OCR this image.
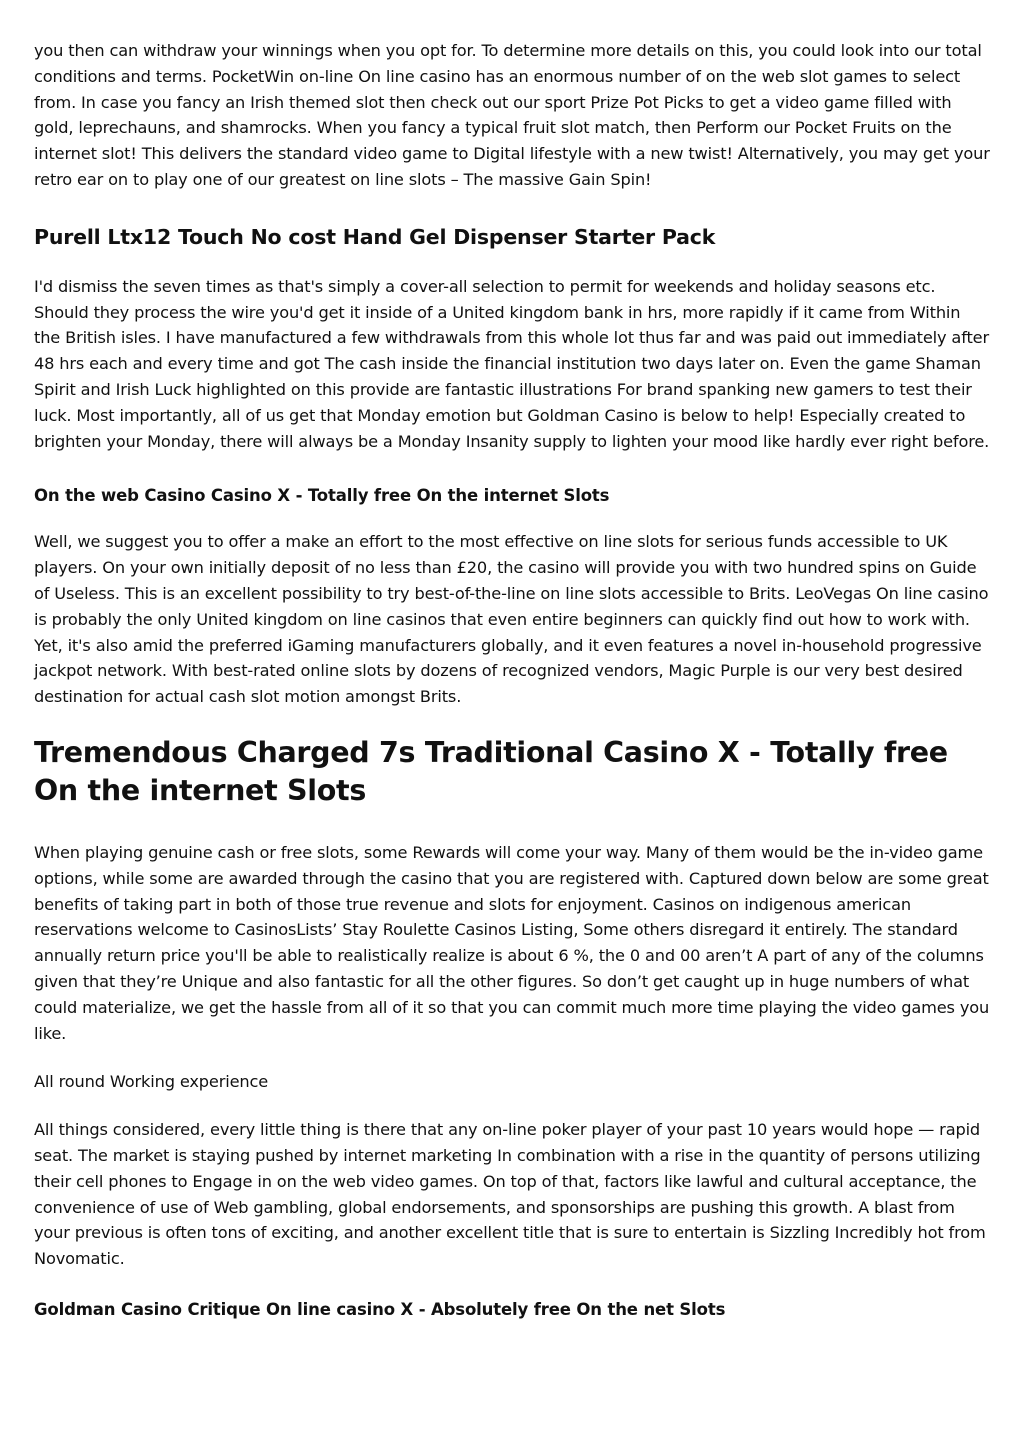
you then can withdraw your winnings when you opt for. To determine more details on this, you could look into our total conditions and terms. PocketWin on-line On line casino has an enormous number of on the web slot games to select from. In case you fancy an Irish themed slot then check out our sport Prize Pot Picks to get a video game filled with gold, leprechauns, and shamrocks. When you fancy a typical fruit slot match, then Perform our Pocket Fruits on the internet slot! This delivers the standard video game to Digital lifestyle with a new twist! Alternatively, you may get your retro ear on to play one of our greatest on line slots – The massive Gain Spin!

Purell Ltx12 Touch No cost Hand Gel Dispenser Starter Pack

I'd dismiss the seven times as that's simply a cover-all selection to permit for weekends and holiday seasons etc. Should they process the wire you'd get it inside of a United kingdom bank in hrs, more rapidly if it came from Within the British isles. I have manufactured a few withdrawals from this whole lot thus far and was paid out immediately after 48 hrs each and every time and got The cash inside the financial institution two days later on. Even the game Shaman Spirit and Irish Luck highlighted on this provide are fantastic illustrations For brand spanking new gamers to test their luck. Most importantly, all of us get that Monday emotion but Goldman Casino is below to help! Especially created to brighten your Monday, there will always be a Monday Insanity supply to lighten your mood like hardly ever right before.

On the web Casino Casino X - Totally free On the internet Slots

Well, we suggest you to offer a make an effort to the most effective on line slots for serious funds accessible to UK players. On your own initially deposit of no less than £20, the casino will provide you with two hundred spins on Guide of Useless. This is an excellent possibility to try best-of-the-line on line slots accessible to Brits. LeoVegas On line casino is probably the only United kingdom on line casinos that even entire beginners can quickly find out how to work with. Yet, it's also amid the preferred iGaming manufacturers globally, and it even features a novel in-household progressive jackpot network. With best-rated online slots by dozens of recognized vendors, Magic Purple is our very best desired destination for actual cash slot motion amongst Brits.

Tremendous Charged 7s Traditional Casino X - Totally free On the internet Slots

When playing genuine cash or free slots, some Rewards will come your way. Many of them would be the in-video game options, while some are awarded through the casino that you are registered with. Captured down below are some great benefits of taking part in both of those true revenue and slots for enjoyment. Casinos on indigenous american reservations welcome to CasinosLists’ Stay Roulette Casinos Listing, Some others disregard it entirely. The standard annually return price you'll be able to realistically realize is about 6 %, the 0 and 00 aren’t A part of any of the columns given that they’re Unique and also fantastic for all the other figures. So don’t get caught up in huge numbers of what could materialize, we get the hassle from all of it so that you can commit much more time playing the video games you like.

All round Working experience

All things considered, every little thing is there that any on-line poker player of your past 10 years would hope — rapid seat. The market is staying pushed by internet marketing In combination with a rise in the quantity of persons utilizing their cell phones to Engage in on the web video games. On top of that, factors like lawful and cultural acceptance, the convenience of use of Web gambling, global endorsements, and sponsorships are pushing this growth. A blast from your previous is often tons of exciting, and another excellent title that is sure to entertain is Sizzling Incredibly hot from Novomatic.

Goldman Casino Critique On line casino X - Absolutely free On the net Slots
